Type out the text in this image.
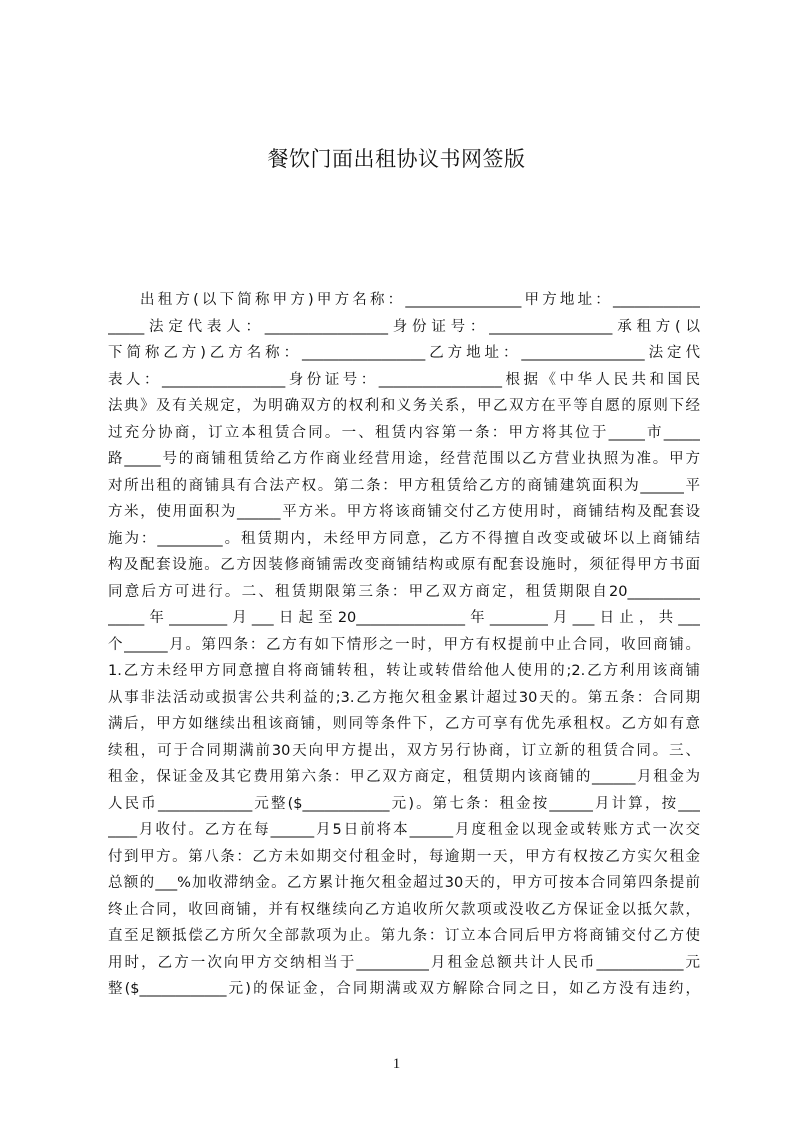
餐饮门面出租协议书网签版
出租方(以下简称甲方)甲方名称：________________甲方地址：____________
_____法定代表人：_________________身份证号：_________________承租方(以
下简称乙方)乙方名称：_________________乙方地址：_________________法定代
表人：_________________身份证号：_________________根据《中华人民共和国民
法典》及有关规定，为明确双方的权利和义务关系，甲乙双方在平等自愿的原则下经
过充分协商，订立本租赁合同。一、租赁内容第一条：甲方将其位于_____市_____
路_____号的商铺租赁给乙方作商业经营用途，经营范围以乙方营业执照为准。甲方
对所出租的商铺具有合法产权。第二条：甲方租赁给乙方的商铺建筑面积为______平
方米，使用面积为______平方米。甲方将该商铺交付乙方使用时，商铺结构及配套设
施为：_________。租赁期内，未经甲方同意，乙方不得擅自改变或破坏以上商铺结
构及配套设施。乙方因装修商铺需改变商铺结构或原有配套设施时，须征得甲方书面
同意后方可进行。二、租赁期限第三条：甲乙双方商定，租赁期限自20__________
_____年________月___日起至20_______________年________月___日止，共___
个______月。第四条：乙方有如下情形之一时，甲方有权提前中止合同，收回商铺。
1.乙方未经甲方同意擅自将商铺转租，转让或转借给他人使用的;2.乙方利用该商铺
从事非法活动或损害公共利益的;3.乙方拖欠租金累计超过30天的。第五条：合同期
满后，甲方如继续出租该商铺，则同等条件下，乙方可享有优先承租权。乙方如有意
续租，可于合同期满前30天向甲方提出，双方另行协商，订立新的租赁合同。三、
租金，保证金及其它费用第六条：甲乙双方商定，租赁期内该商铺的______月租金为
人民币_____________元整($____________元)。第七条：租金按______月计算，按___
____月收付。乙方在每______月5日前将本______月度租金以现金或转账方式一次交
付到甲方。第八条：乙方未如期交付租金时，每逾期一天，甲方有权按乙方实欠租金
总额的___%加收滞纳金。乙方累计拖欠租金超过30天的，甲方可按本合同第四条提前
终止合同，收回商铺，并有权继续向乙方追收所欠款项或没收乙方保证金以抵欠款，
直至足额抵偿乙方所欠全部款项为止。第九条：订立本合同后甲方将商铺交付乙方使
用时，乙方一次向甲方交纳相当于__________月租金总额共计人民币____________元
整($____________元)的保证金，合同期满或双方解除合同之日，如乙方没有违约，
1
